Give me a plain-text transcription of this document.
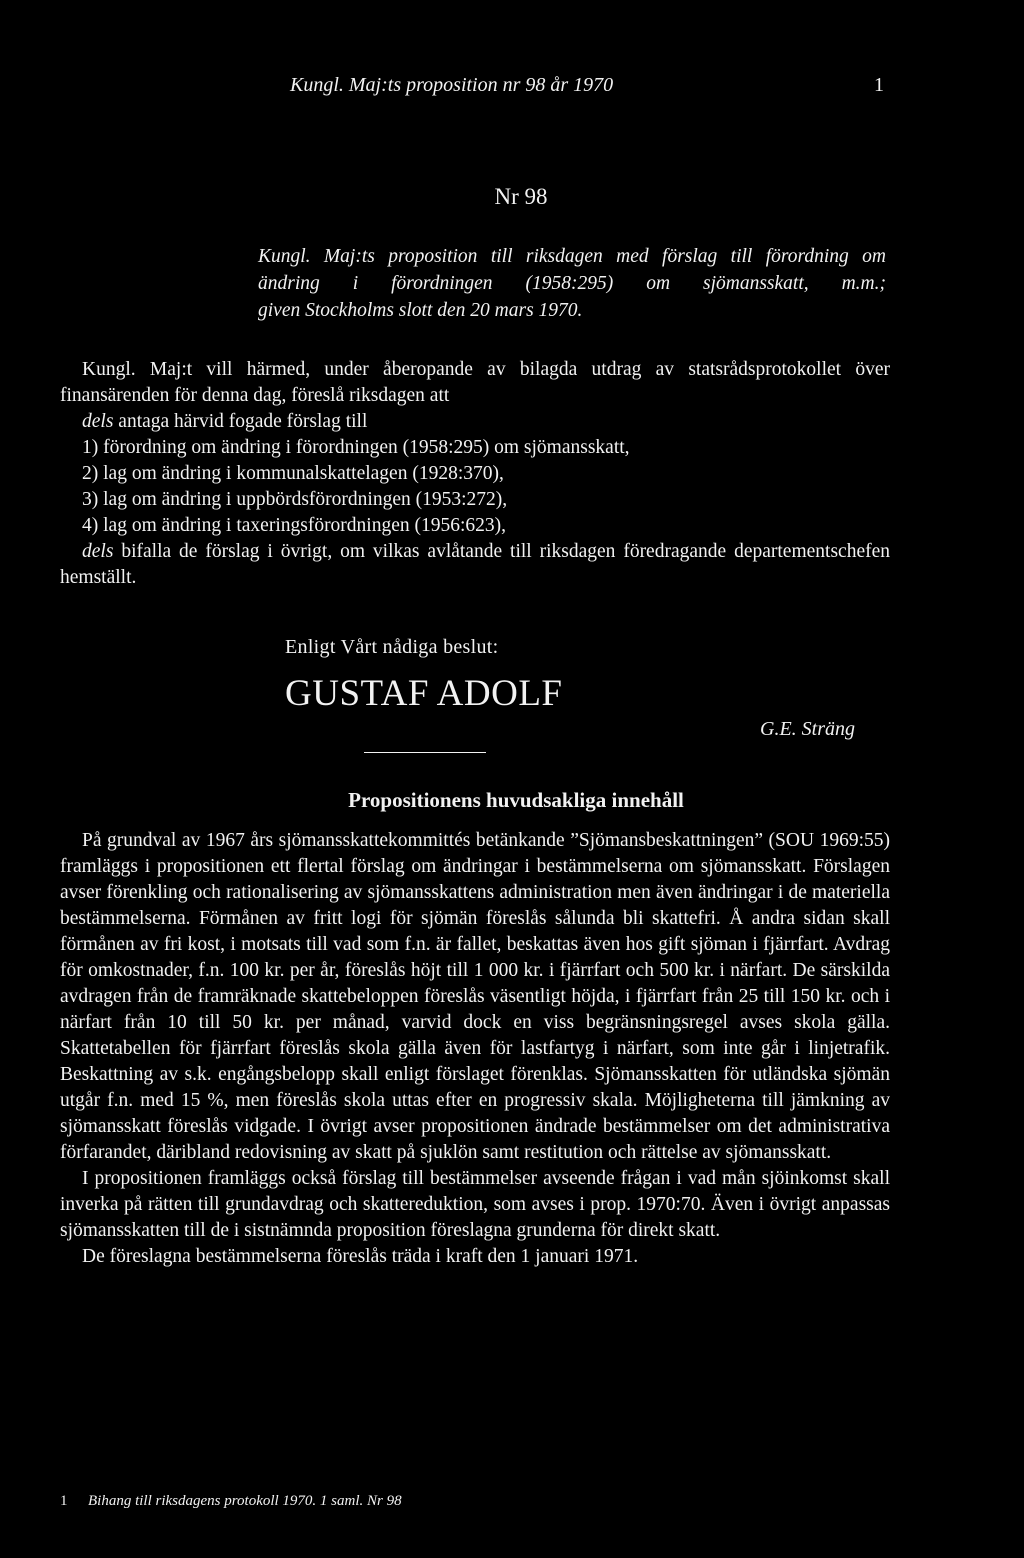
Kungl. Maj:ts proposition nr 98 år 1970	1
Nr 98
Kungl. Maj:ts proposition till riksdagen med förslag till förordning om
ändring i förordningen (1958:295) om sjömansskatt, m.m.;
given Stockholms slott den 20 mars 1970.

Kungl. Maj:t vill härmed, under åberopande av bilagda utdrag av statsrådsprotokollet över finansärenden för denna dag, föreslå riksdagen att

dels antaga härvid fogade förslag till

1) förordning om ändring i förordningen (1958:295) om sjömansskatt,

2) lag om ändring i kommunalskattelagen (1928:370),

3) lag om ändring i uppbördsförordningen (1953:272),

4) lag om ändring i taxeringsförordningen (1956:623),

dels bifalla de förslag i övrigt, om vilkas avlåtande till riksdagen föredragande departementschefen hemställt.

Enligt Vårt nådiga beslut:
GUSTAF ADOLF
G.E. Sträng
Propositionens huvudsakliga innehåll

På grundval av 1967 års sjömansskattekommittés betänkande ”Sjömansbeskattningen” (SOU 1969:55) framläggs i propositionen ett flertal förslag om ändringar i bestämmelserna om sjömansskatt. Förslagen avser förenkling och rationalisering av sjömansskattens administration men även ändringar i de materiella bestämmelserna. Förmånen av fritt logi för sjömän föreslås sålunda bli skattefri. Å andra sidan skall förmånen av fri kost, i motsats till vad som f.n. är fallet, beskattas även hos gift sjöman i fjärrfart. Avdrag för omkostnader, f.n. 100 kr. per år, föreslås höjt till 1 000 kr. i fjärrfart och 500 kr. i närfart. De särskilda avdragen från de framräknade skattebeloppen föreslås väsentligt höjda, i fjärrfart från 25 till 150 kr. och i närfart från 10 till 50 kr. per månad, varvid dock en viss begränsningsregel avses skola gälla. Skattetabellen för fjärrfart föreslås skola gälla även för lastfartyg i närfart, som inte går i linjetrafik. Beskattning av s.k. engångsbelopp skall enligt förslaget förenklas. Sjömansskatten för utländska sjömän utgår f.n. med 15 %, men föreslås skola uttas efter en progressiv skala. Möjligheterna till jämkning av sjömansskatt föreslås vidgade. I övrigt avser propositionen ändrade bestämmelser om det administrativa förfarandet, däribland redovisning av skatt på sjuklön samt restitution och rättelse av sjömansskatt.

I propositionen framläggs också förslag till bestämmelser avseende frågan i vad mån sjöinkomst skall inverka på rätten till grundavdrag och skattereduktion, som avses i prop. 1970:70. Även i övrigt anpassas sjömansskatten till de i sistnämnda proposition föreslagna grunderna för direkt skatt.

De föreslagna bestämmelserna föreslås träda i kraft den 1 januari 1971.

1 Bihang till riksdagens protokoll 1970. 1 saml. Nr 98
